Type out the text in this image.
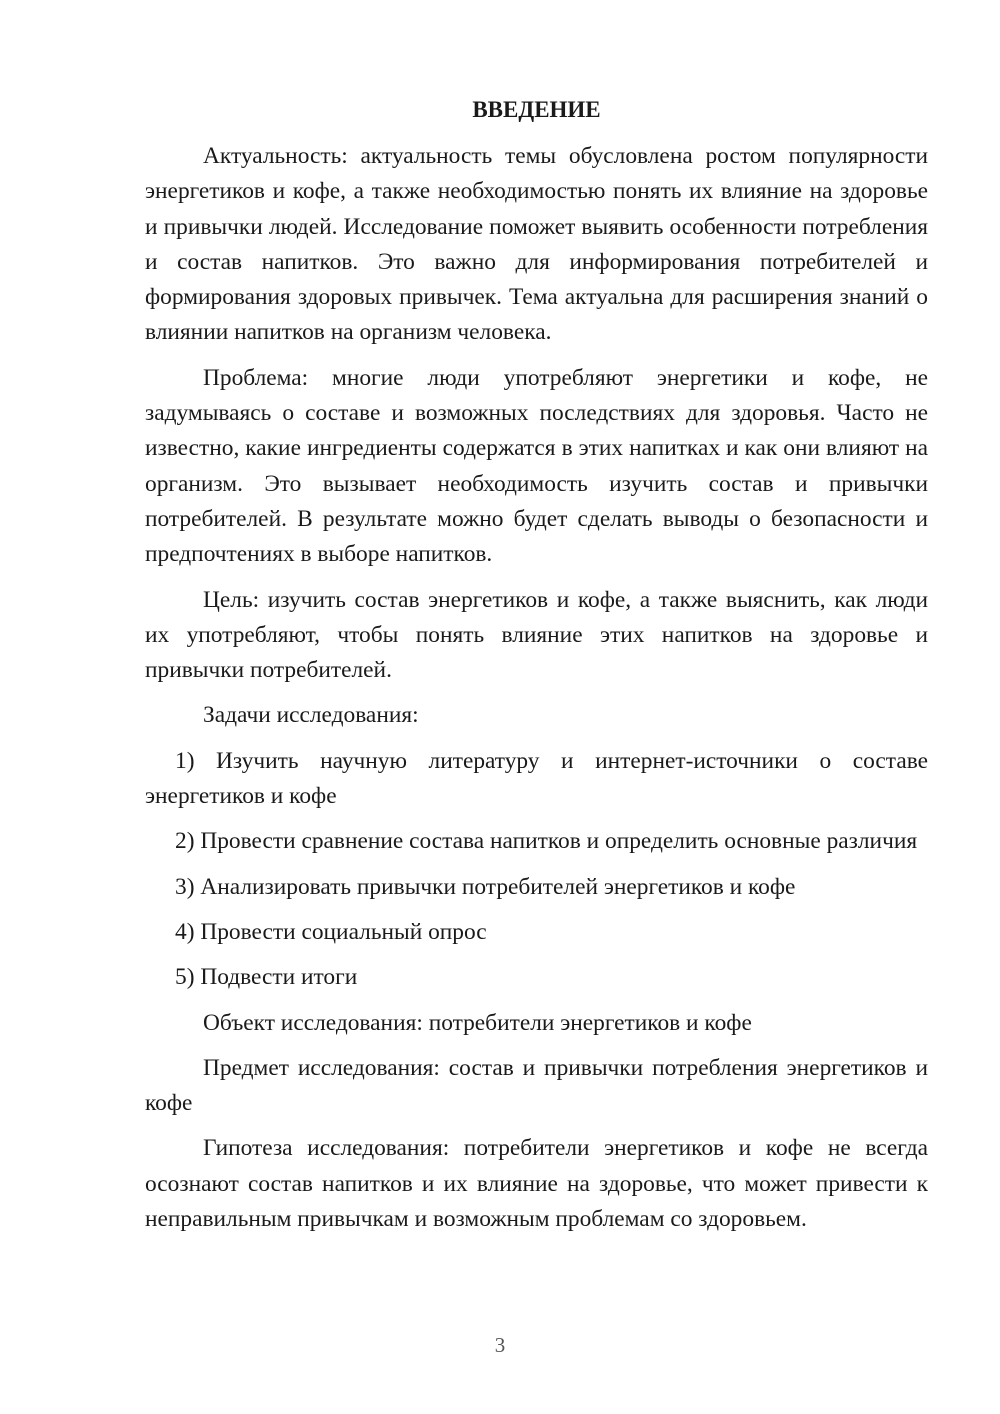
ВВЕДЕНИЕ

Актуальность: актуальность темы обусловлена ростом популярности энергетиков и кофе, а также необходимостью понять их влияние на здоровье и привычки людей. Исследование поможет выявить особенности потребления и состав напитков. Это важно для информирования потребителей и формирования здоровых привычек. Тема актуальна для расширения знаний о влиянии напитков на организм человека.

Проблема: многие люди употребляют энергетики и кофе, не задумываясь о составе и возможных последствиях для здоровья. Часто не известно, какие ингредиенты содержатся в этих напитках и как они влияют на организм. Это вызывает необходимость изучить состав и привычки потребителей. В результате можно будет сделать выводы о безопасности и предпочтениях в выборе напитков.

Цель: изучить состав энергетиков и кофе, а также выяснить, как люди их употребляют, чтобы понять влияние этих напитков на здоровье и привычки потребителей.

Задачи исследования:

1) Изучить научную литературу и интернет-источники о составе энергетиков и кофе

2) Провести сравнение состава напитков и определить основные различия

3) Анализировать привычки потребителей энергетиков и кофе

4) Провести социальный опрос

5) Подвести итоги

Объект исследования: потребители энергетиков и кофе

Предмет исследования: состав и привычки потребления энергетиков и кофе

Гипотеза исследования: потребители энергетиков и кофе не всегда осознают состав напитков и их влияние на здоровье, что может привести к неправильным привычкам и возможным проблемам со здоровьем.

3
